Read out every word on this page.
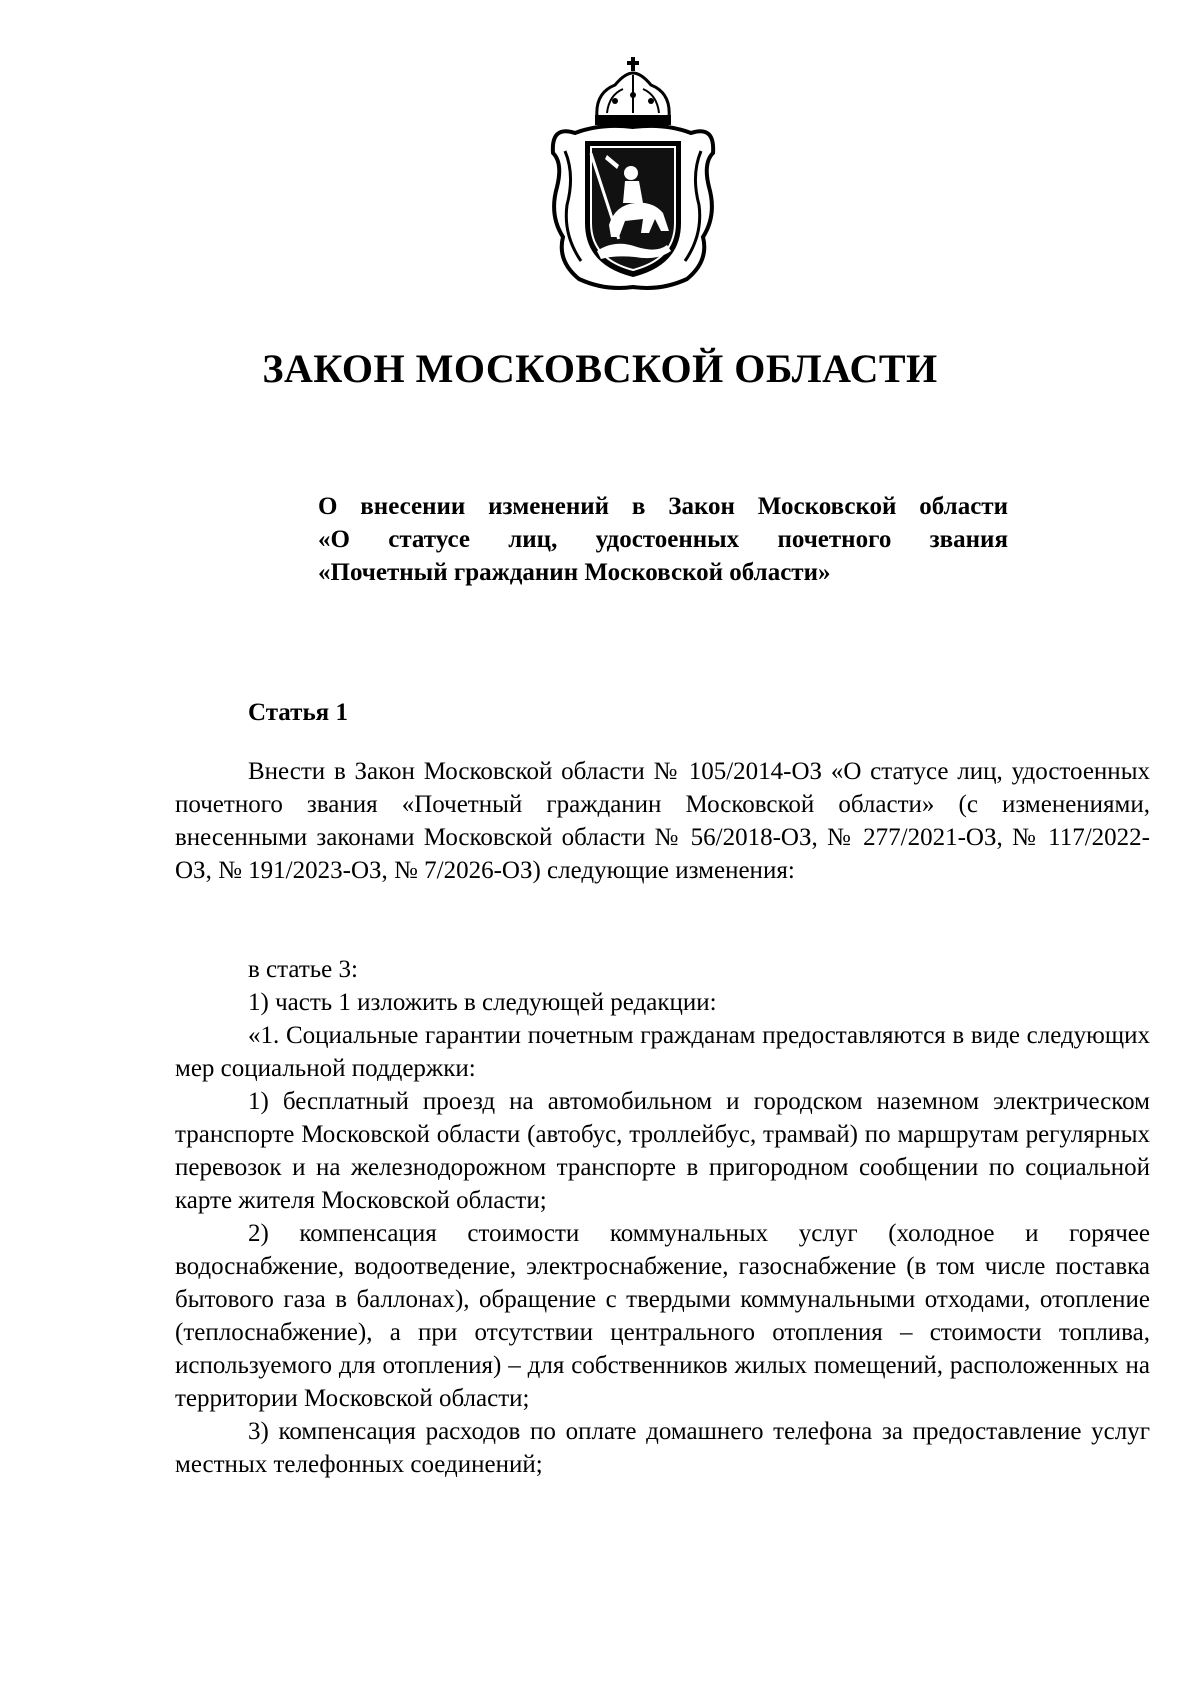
ЗАКОН МОСКОВСКОЙ ОБЛАСТИ
О внесении изменений в Закон Московской области
«О статусе лиц, удостоенных почетного звания
«Почетный гражданин Московской области»
Статья 1

Внести в Закон Московской области № 105/2014-ОЗ «О статусе лиц, удостоенных почетного звания «Почетный гражданин Московской области» (с изменениями, внесенными законами Московской области № 56/2018-ОЗ, № 277/2021-ОЗ, № 117/2022-ОЗ, № 191/2023-ОЗ, № 7/2026-ОЗ) следующие изменения:

в статье 3:

1) часть 1 изложить в следующей редакции:

«1. Социальные гарантии почетным гражданам предоставляются в виде следующих мер социальной поддержки:

1) бесплатный проезд на автомобильном и городском наземном электрическом транспорте Московской области (автобус, троллейбус, трамвай) по маршрутам регулярных перевозок и на железнодорожном транспорте в пригородном сообщении по социальной карте жителя Московской области;

2) компенсация стоимости коммунальных услуг (холодное и горячее водоснабжение, водоотведение, электроснабжение, газоснабжение (в том числе поставка бытового газа в баллонах), обращение с твердыми коммунальными отходами, отопление (теплоснабжение), а при отсутствии центрального отопления – стоимости топлива, используемого для отопления) – для собственников жилых помещений, расположенных на территории Московской области;

3) компенсация расходов по оплате домашнего телефона за предоставление услуг местных телефонных соединений;
